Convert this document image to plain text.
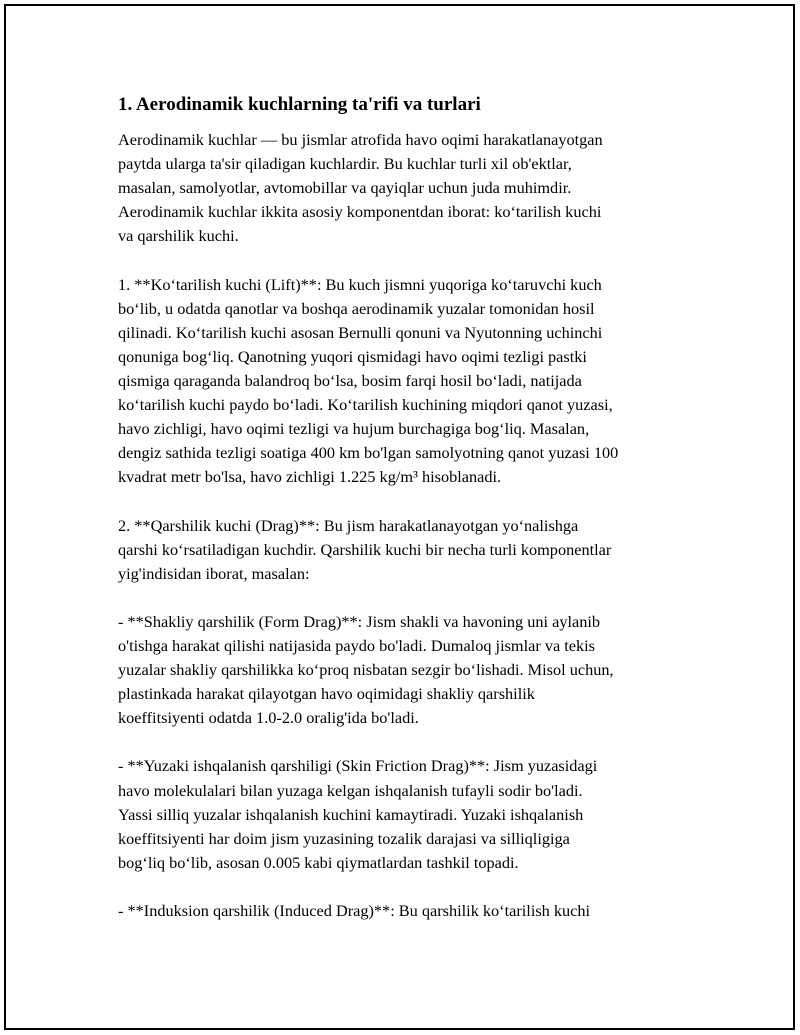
1. Aerodinamik kuchlarning ta'rifi va turlari

Aerodinamik kuchlar — bu jismlar atrofida havo oqimi harakatlanayotgan
paytda ularga ta'sir qiladigan kuchlardir. Bu kuchlar turli xil ob'ektlar,
masalan, samolyotlar, avtomobillar va qayiqlar uchun juda muhimdir.
Aerodinamik kuchlar ikkita asosiy komponentdan iborat: koʻtarilish kuchi
va qarshilik kuchi.

1. **Koʻtarilish kuchi (Lift)**: Bu kuch jismni yuqoriga koʻtaruvchi kuch
boʻlib, u odatda qanotlar va boshqa aerodinamik yuzalar tomonidan hosil
qilinadi. Koʻtarilish kuchi asosan Bernulli qonuni va Nyutonning uchinchi
qonuniga bogʻliq. Qanotning yuqori qismidagi havo oqimi tezligi pastki
qismiga qaraganda balandroq boʻlsa, bosim farqi hosil boʻladi, natijada
koʻtarilish kuchi paydo boʻladi. Koʻtarilish kuchining miqdori qanot yuzasi,
havo zichligi, havo oqimi tezligi va hujum burchagiga bogʻliq. Masalan,
dengiz sathida tezligi soatiga 400 km bo'lgan samolyotning qanot yuzasi 100
kvadrat metr bo'lsa, havo zichligi 1.225 kg/m³ hisoblanadi.

2. **Qarshilik kuchi (Drag)**: Bu jism harakatlanayotgan yoʻnalishga
qarshi koʻrsatiladigan kuchdir. Qarshilik kuchi bir necha turli komponentlar
yig'indisidan iborat, masalan:

- **Shakliy qarshilik (Form Drag)**: Jism shakli va havoning uni aylanib
o'tishga harakat qilishi natijasida paydo bo'ladi. Dumaloq jismlar va tekis
yuzalar shakliy qarshilikka koʻproq nisbatan sezgir boʻlishadi. Misol uchun,
plastinkada harakat qilayotgan havo oqimidagi shakliy qarshilik
koeffitsiyenti odatda 1.0-2.0 oralig'ida bo'ladi.

- **Yuzaki ishqalanish qarshiligi (Skin Friction Drag)**: Jism yuzasidagi
havo molekulalari bilan yuzaga kelgan ishqalanish tufayli sodir bo'ladi.
Yassi silliq yuzalar ishqalanish kuchini kamaytiradi. Yuzaki ishqalanish
koeffitsiyenti har doim jism yuzasining tozalik darajasi va silliqligiga
bogʻliq boʻlib, asosan 0.005 kabi qiymatlardan tashkil topadi.

- **Induksion qarshilik (Induced Drag)**: Bu qarshilik koʻtarilish kuchi
